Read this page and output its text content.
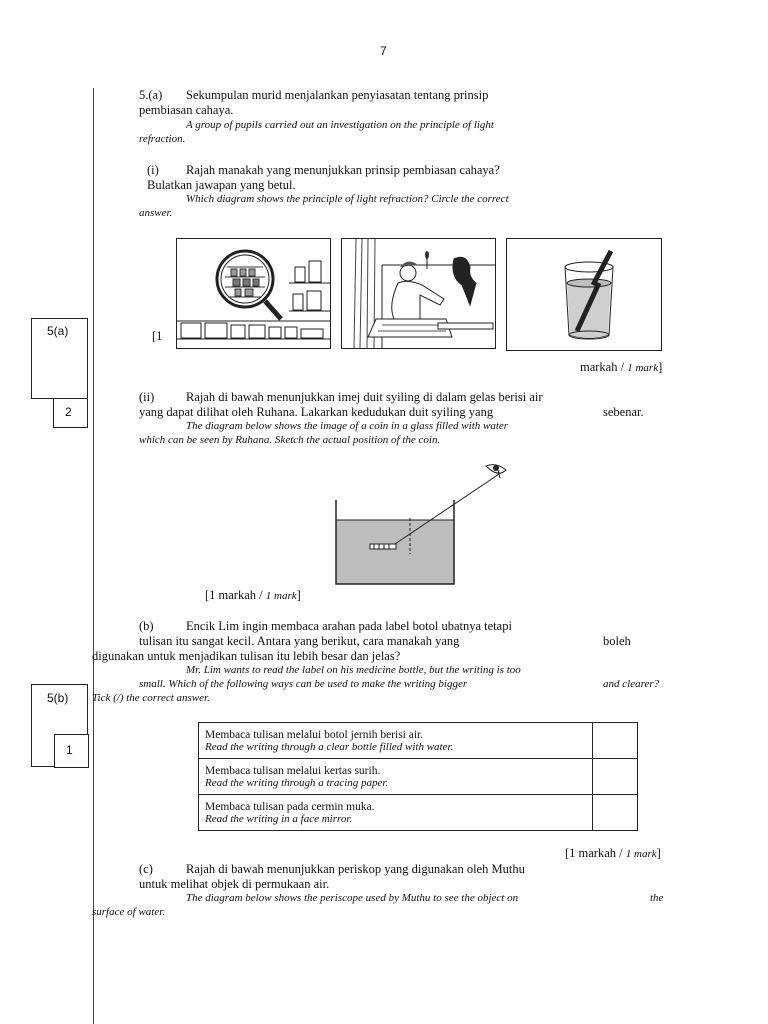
7
5(a)
2
5(b)
1
5.(a) Sekumpulan murid menjalankan penyiasatan tentang prinsip
pembiasan cahaya.
A group of pupils carried out an investigation on the principle of light
refraction.
(i) Rajah manakah yang menunjukkan prinsip pembiasan cahaya?
Bulatkan jawapan yang betul.
Which diagram shows the principle of light refraction? Circle the correct
answer.
[1
markah / 1 mark]
(ii)	Rajah di bawah menunjukkan imej duit syiling di dalam gelas berisi air
yang dapat dilihat oleh Ruhana. Lakarkan kedudukan duit syiling yang	sebenar.
The diagram below shows the image of a coin in a glass filled with water
which can be seen by Ruhana. Sketch the actual position of the coin.
[1 markah / 1 mark]
(b)	Encik Lim ingin membaca arahan pada label botol ubatnya tetapi
tulisan itu sangat kecil. Antara yang berikut, cara manakah yang	boleh
digunakan untuk menjadikan tulisan itu lebih besar dan jelas?
Mr. Lim wants to read the label on his medicine bottle, but the writing is too
small. Which of the following ways can be used to make the writing bigger	and clearer?
Tick (/) the correct answer.
Membaca tulisan melalui botol jernih berisi air.
Read the writing through a clear bottle filled with water.	

Membaca tulisan melalui kertas surih.
Read the writing through a tracing paper.	

Membaca tulisan pada cermin muka.
Read the writing in a face mirror.	

[1 markah / 1 mark]
(c)	Rajah di bawah menunjukkan periskop yang digunakan oleh Muthu
untuk melihat objek di permukaan air.
The diagram below shows the periscope used by Muthu to see the object on	the
surface of water.
